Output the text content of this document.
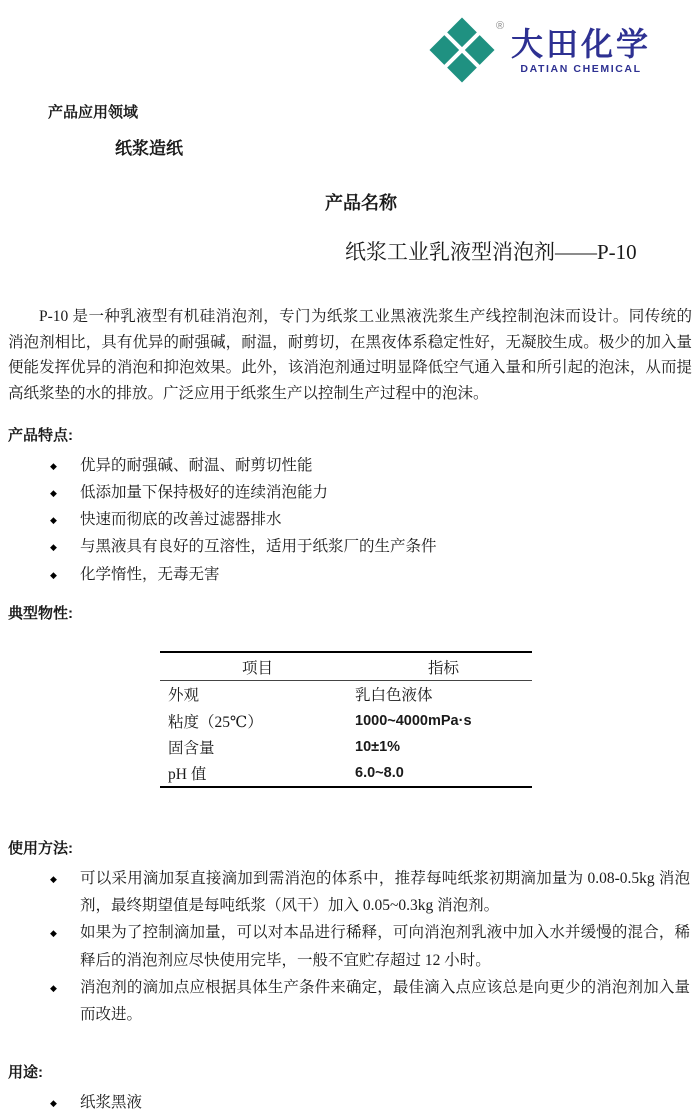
® 大田化学
DATIAN CHEMICAL
产品应用领域
纸浆造纸
产品名称
纸浆工业乳液型消泡剂——P-10

P-10 是一种乳液型有机硅消泡剂，专门为纸浆工业黑液洗浆生产线控制泡沫而设计。同传统的消泡剂相比，具有优异的耐强碱，耐温，耐剪切，在黑夜体系稳定性好，无凝胶生成。极少的加入量便能发挥优异的消泡和抑泡效果。此外，该消泡剂通过明显降低空气通入量和所引起的泡沫，从而提高纸浆垫的水的排放。广泛应用于纸浆生产以控制生产过程中的泡沫。

产品特点:
◆ 优异的耐强碱、耐温、耐剪切性能
◆ 低添加量下保持极好的连续消泡能力
◆ 快速而彻底的改善过滤器排水
◆ 与黑液具有良好的互溶性，适用于纸浆厂的生产条件
◆ 化学惰性，无毒无害
典型物性:
项目	指标
外观	乳白色液体
粘度（25℃）	1000~4000mPa·s
固含量	10±1%
pH 值	6.0~8.0
使用方法:
◆ 可以采用滴加泵直接滴加到需消泡的体系中，推荐每吨纸浆初期滴加量为 0.08-0.5kg 消泡剂，最终期望值是每吨纸浆（风干）加入 0.05~0.3kg 消泡剂。
◆ 如果为了控制滴加量，可以对本品进行稀释，可向消泡剂乳液中加入水并缓慢的混合，稀释后的消泡剂应尽快使用完毕，一般不宜贮存超过 12 小时。
◆ 消泡剂的滴加点应根据具体生产条件来确定，最佳滴入点应该总是向更少的消泡剂加入量而改进。
用途:
◆ 纸浆黑液
